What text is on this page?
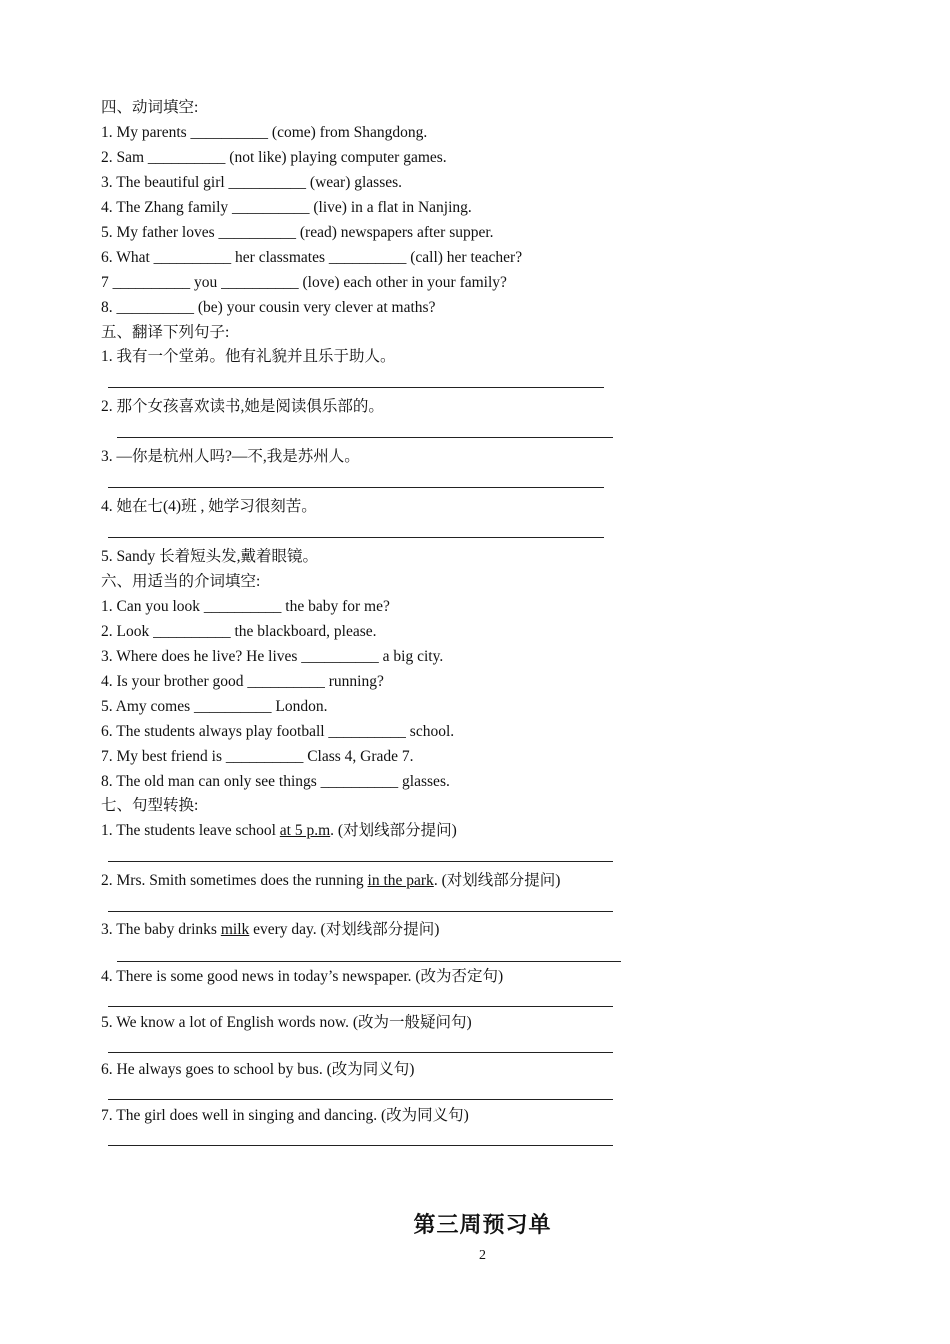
四、动词填空:
1. My parents __________ (come) from Shangdong.
2. Sam __________ (not like) playing computer games.
3. The beautiful girl __________ (wear) glasses.
4. The Zhang family __________ (live) in a flat in Nanjing.
5. My father loves __________ (read) newspapers after supper.
6. What __________ her classmates __________ (call) her teacher?
7 __________ you __________ (love) each other in your family?
8. __________ (be) your cousin very clever at maths?
五、翻译下列句子:
1. 我有一个堂弟。他有礼貌并且乐于助人。
2. 那个女孩喜欢读书,她是阅读俱乐部的。
3. —你是杭州人吗?—不,我是苏州人。
4. 她在七(4)班 , 她学习很刻苦。
5. Sandy 长着短头发,戴着眼镜。
六、用适当的介词填空:
1. Can you look __________ the baby for me?
2. Look __________ the blackboard, please.
3. Where does he live? He lives __________ a big city.
4. Is your brother good __________ running?
5. Amy comes __________ London.
6. The students always play football __________ school.
7. My best friend is __________ Class 4, Grade 7.
8. The old man can only see things __________ glasses.
七、句型转换:
1. The students leave school at 5 p.m. (对划线部分提问)
2. Mrs. Smith sometimes does the running in the park. (对划线部分提问)
3. The baby drinks milk every day. (对划线部分提问)
4. There is some good news in today’s newspaper. (改为否定句)
5. We know a lot of English words now. (改为一般疑问句)
6. He always goes to school by bus. (改为同义句)
7. The girl does well in singing and dancing. (改为同义句)
第三周预习单
2
